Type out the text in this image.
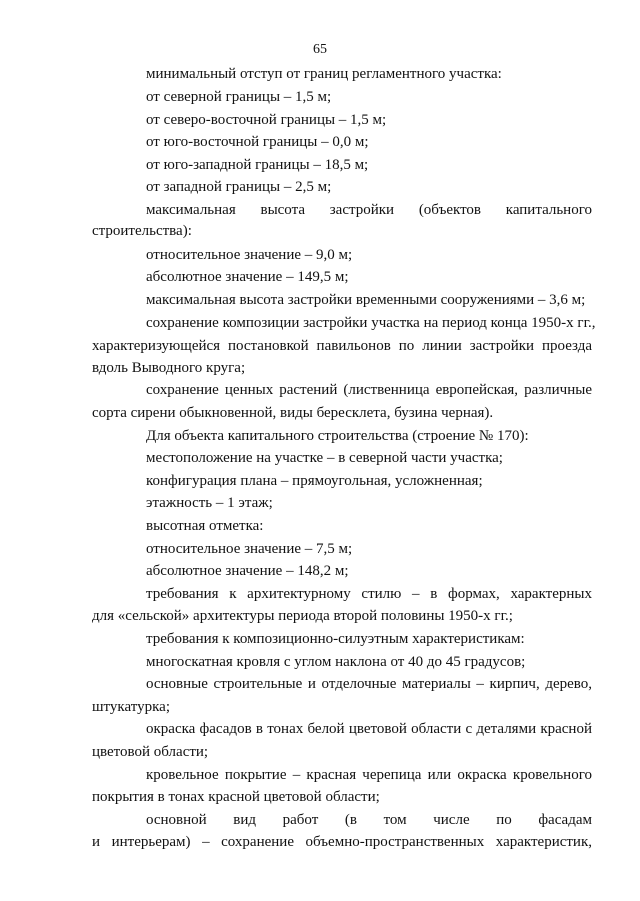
65

минимальный отступ от границ регламентного участка:

от северной границы – 1,5 м;

от северо-восточной границы – 1,5 м;

от юго-восточной границы – 0,0 м;

от юго-западной границы – 18,5 м;

от западной границы – 2,5 м;

максимальная высота застройки (объектов капитального

строительства):

относительное значение – 9,0 м;

абсолютное значение – 149,5 м;

максимальная высота застройки временными сооружениями – 3,6 м;

сохранение композиции застройки участка на период конца 1950-х гг.,

характеризующейся постановкой павильонов по линии застройки проезда

вдоль Выводного круга;

сохранение ценных растений (лиственница европейская, различные

сорта сирени обыкновенной, виды бересклета, бузина черная).

Для объекта капитального строительства (строение № 170):

местоположение на участке – в северной части участка;

конфигурация плана – прямоугольная, усложненная;

этажность – 1 этаж;

высотная отметка:

относительное значение – 7,5 м;

абсолютное значение – 148,2 м;

требования к архитектурному стилю – в формах, характерных

для «сельской» архитектуры периода второй половины 1950-х гг.;

требования к композиционно-силуэтным характеристикам:

многоскатная кровля с углом наклона от 40 до 45 градусов;

основные строительные и отделочные материалы – кирпич, дерево,

штукатурка;

окраска фасадов в тонах белой цветовой области с деталями красной

цветовой области;

кровельное покрытие – красная черепица или окраска кровельного

покрытия в тонах красной цветовой области;

основной вид работ (в том числе по фасадам

и интерьерам) – сохранение объемно-пространственных характеристик,
